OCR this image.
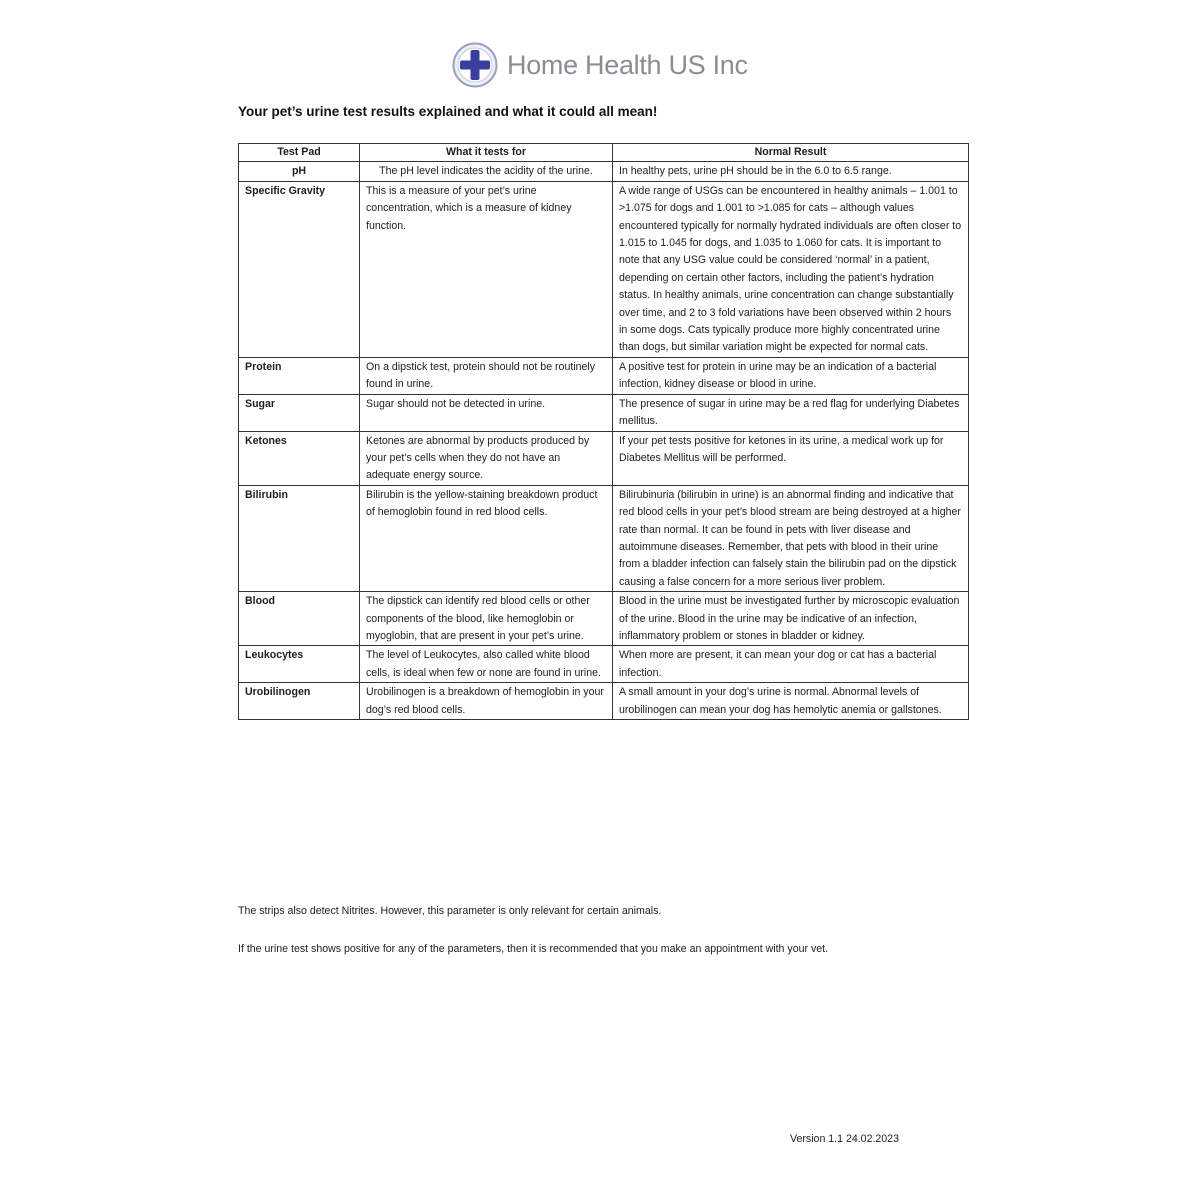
Home Health US Inc
Your pet’s urine test results explained and what it could all mean!
Test Pad	What it tests for	Normal Result
pH	The pH level indicates the acidity of the urine.	In healthy pets, urine pH should be in the 6.0 to 6.5 range.
Specific Gravity	This is a measure of your pet’s urine concentration, which is a measure of kidney function.	A wide range of USGs can be encountered in healthy animals – 1.001 to >1.075 for dogs and 1.001 to >1.085 for cats – although values encountered typically for normally hydrated individuals are often closer to 1.015 to 1.045 for dogs, and 1.035 to 1.060 for cats. It is important to note that any USG value could be considered ‘normal’ in a patient, depending on certain other factors, including the patient’s hydration status. In healthy animals, urine concentration can change substantially over time, and 2 to 3 fold variations have been observed within 2 hours in some dogs. Cats typically produce more highly concentrated urine than dogs, but similar variation might be expected for normal cats.
Protein	On a dipstick test, protein should not be routinely found in urine.	A positive test for protein in urine may be an indication of a bacterial infection, kidney disease or blood in urine.
Sugar	Sugar should not be detected in urine.	The presence of sugar in urine may be a red flag for underlying Diabetes mellitus.
Ketones	Ketones are abnormal by products produced by your pet’s cells when they do not have an adequate energy source.	If your pet tests positive for ketones in its urine, a medical work up for Diabetes Mellitus will be performed.
Bilirubin	Bilirubin is the yellow-staining breakdown product of hemoglobin found in red blood cells.	Bilirubinuria (bilirubin in urine) is an abnormal finding and indicative that red blood cells in your pet’s blood stream are being destroyed at a higher rate than normal. It can be found in pets with liver disease and autoimmune diseases. Remember, that pets with blood in their urine from a bladder infection can falsely stain the bilirubin pad on the dipstick causing a false concern for a more serious liver problem.
Blood	The dipstick can identify red blood cells or other components of the blood, like hemoglobin or myoglobin, that are present in your pet’s urine.	Blood in the urine must be investigated further by microscopic evaluation of the urine. Blood in the urine may be indicative of an infection, inflammatory problem or stones in bladder or kidney.
Leukocytes	The level of Leukocytes, also called white blood cells, is ideal when few or none are found in urine.	When more are present, it can mean your dog or cat has a bacterial infection.
Urobilinogen	Urobilinogen is a breakdown of hemoglobin in your dog’s red blood cells.	A small amount in your dog’s urine is normal. Abnormal levels of urobilinogen can mean your dog has hemolytic anemia or gallstones.
The strips also detect Nitrites. However, this parameter is only relevant for certain animals.
If the urine test shows positive for any of the parameters, then it is recommended that you make an appointment with your vet.
Version 1.1 24.02.2023
